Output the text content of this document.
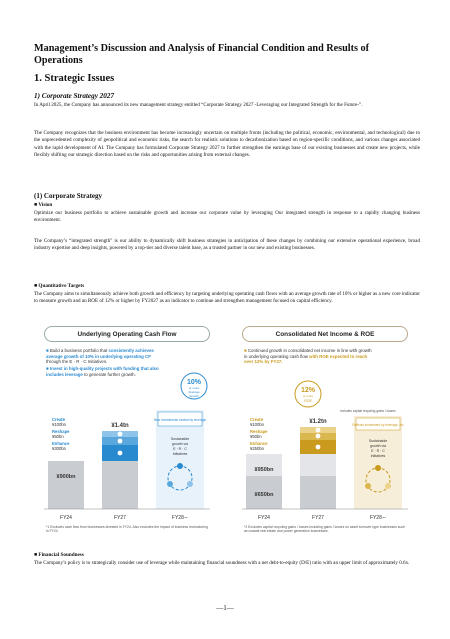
Management’s Discussion and Analysis of Financial Condition and Results of Operations
1. Strategic Issues
1) Corporate Strategy 2027
In April 2025, the Company has announced its new management strategy entitled “Corporate Strategy 2027 -Leveraging our Integrated Strength for the Future-”.
The Company recognizes that the business environment has become increasingly uncertain on multiple fronts (including the political, economic, environmental, and technological) due to the unprecedented complexity of geopolitical and economic risks, the search for realistic solutions to decarbonization based on region-specific conditions, and various changes associated with the rapid development of AI. The Company has formulated Corporate Strategy 2027 to further strengthen the earnings base of our existing businesses and create new projects, while flexibly shifting our strategic direction based on the risks and opportunities arising from external changes.
(1) Corporate Strategy
■ Vision
Optimize our business portfolio to achieve sustainable growth and increase our corporate value by leveraging Our integrated strength in response to a rapidly changing business environment.
The Company’s “integrated strength” is our ability to dynamically shift business strategies in anticipation of these changes by combining our extensive operational experience, broad industry expertise and deep insights, powered by a top-tier and diverse talent base, as a trusted partner in our new and existing businesses.
■ Quantitative Targets
The Company aims to simultaneously achieve both growth and efficiency by targeting underlying operating cash flows with an average growth rate of 10% or higher as a new core indicator to measure growth and an ROE of 12% or higher by FY2027 as an indicator to continue and strengthen management focused on capital efficiency.
Underlying Operating Cash Flow
■ Build a business portfolio that consistently achieves average growth of 10% in underlying operating CF through the E · R · C Initiatives.
■ Invest in high-quality projects with funding that also includes leverage to generate further growth.
10%
or more
Average
Growth
¥900bn
¥1.4tn
Create
¥100bn
Reshape
¥50bn
Enhance
¥300bn
New investments funded by leverage
Sustainable
growth via
E · R · C
Initiatives
FY24	FY27	FY28∼
*1 Excludes cash flow from businesses divested in FY24. Also excludes the impact of business restructuring in FY24.
Consolidated Net Income & ROE
■ Continued growth in consolidated net income in line with growth in underlying operating cash flow with ROE expected to reach over 12% by FY27.
12%
or more
ROE
¥950bn
¥650bn
¥1.2tn
Create
¥100bn
Reshape
¥50bn
Enhance
¥250bn
Includes capital recycling gains / losses
Reflects investment by leverage, etc
Sustainable
growth via
E · R · C
Initiatives
FY24	FY27	FY28∼
*2 Excludes capital recycling gains / losses including gains / losses on asset turnover-type businesses such as coastal real estate and power generation businesses.
■ Financial Soundness
The Company’s policy is to strategically consider use of leverage while maintaining financial soundness with a net debt-to-equity (D/E) ratio with an upper limit of approximately 0.6x.
—1—
